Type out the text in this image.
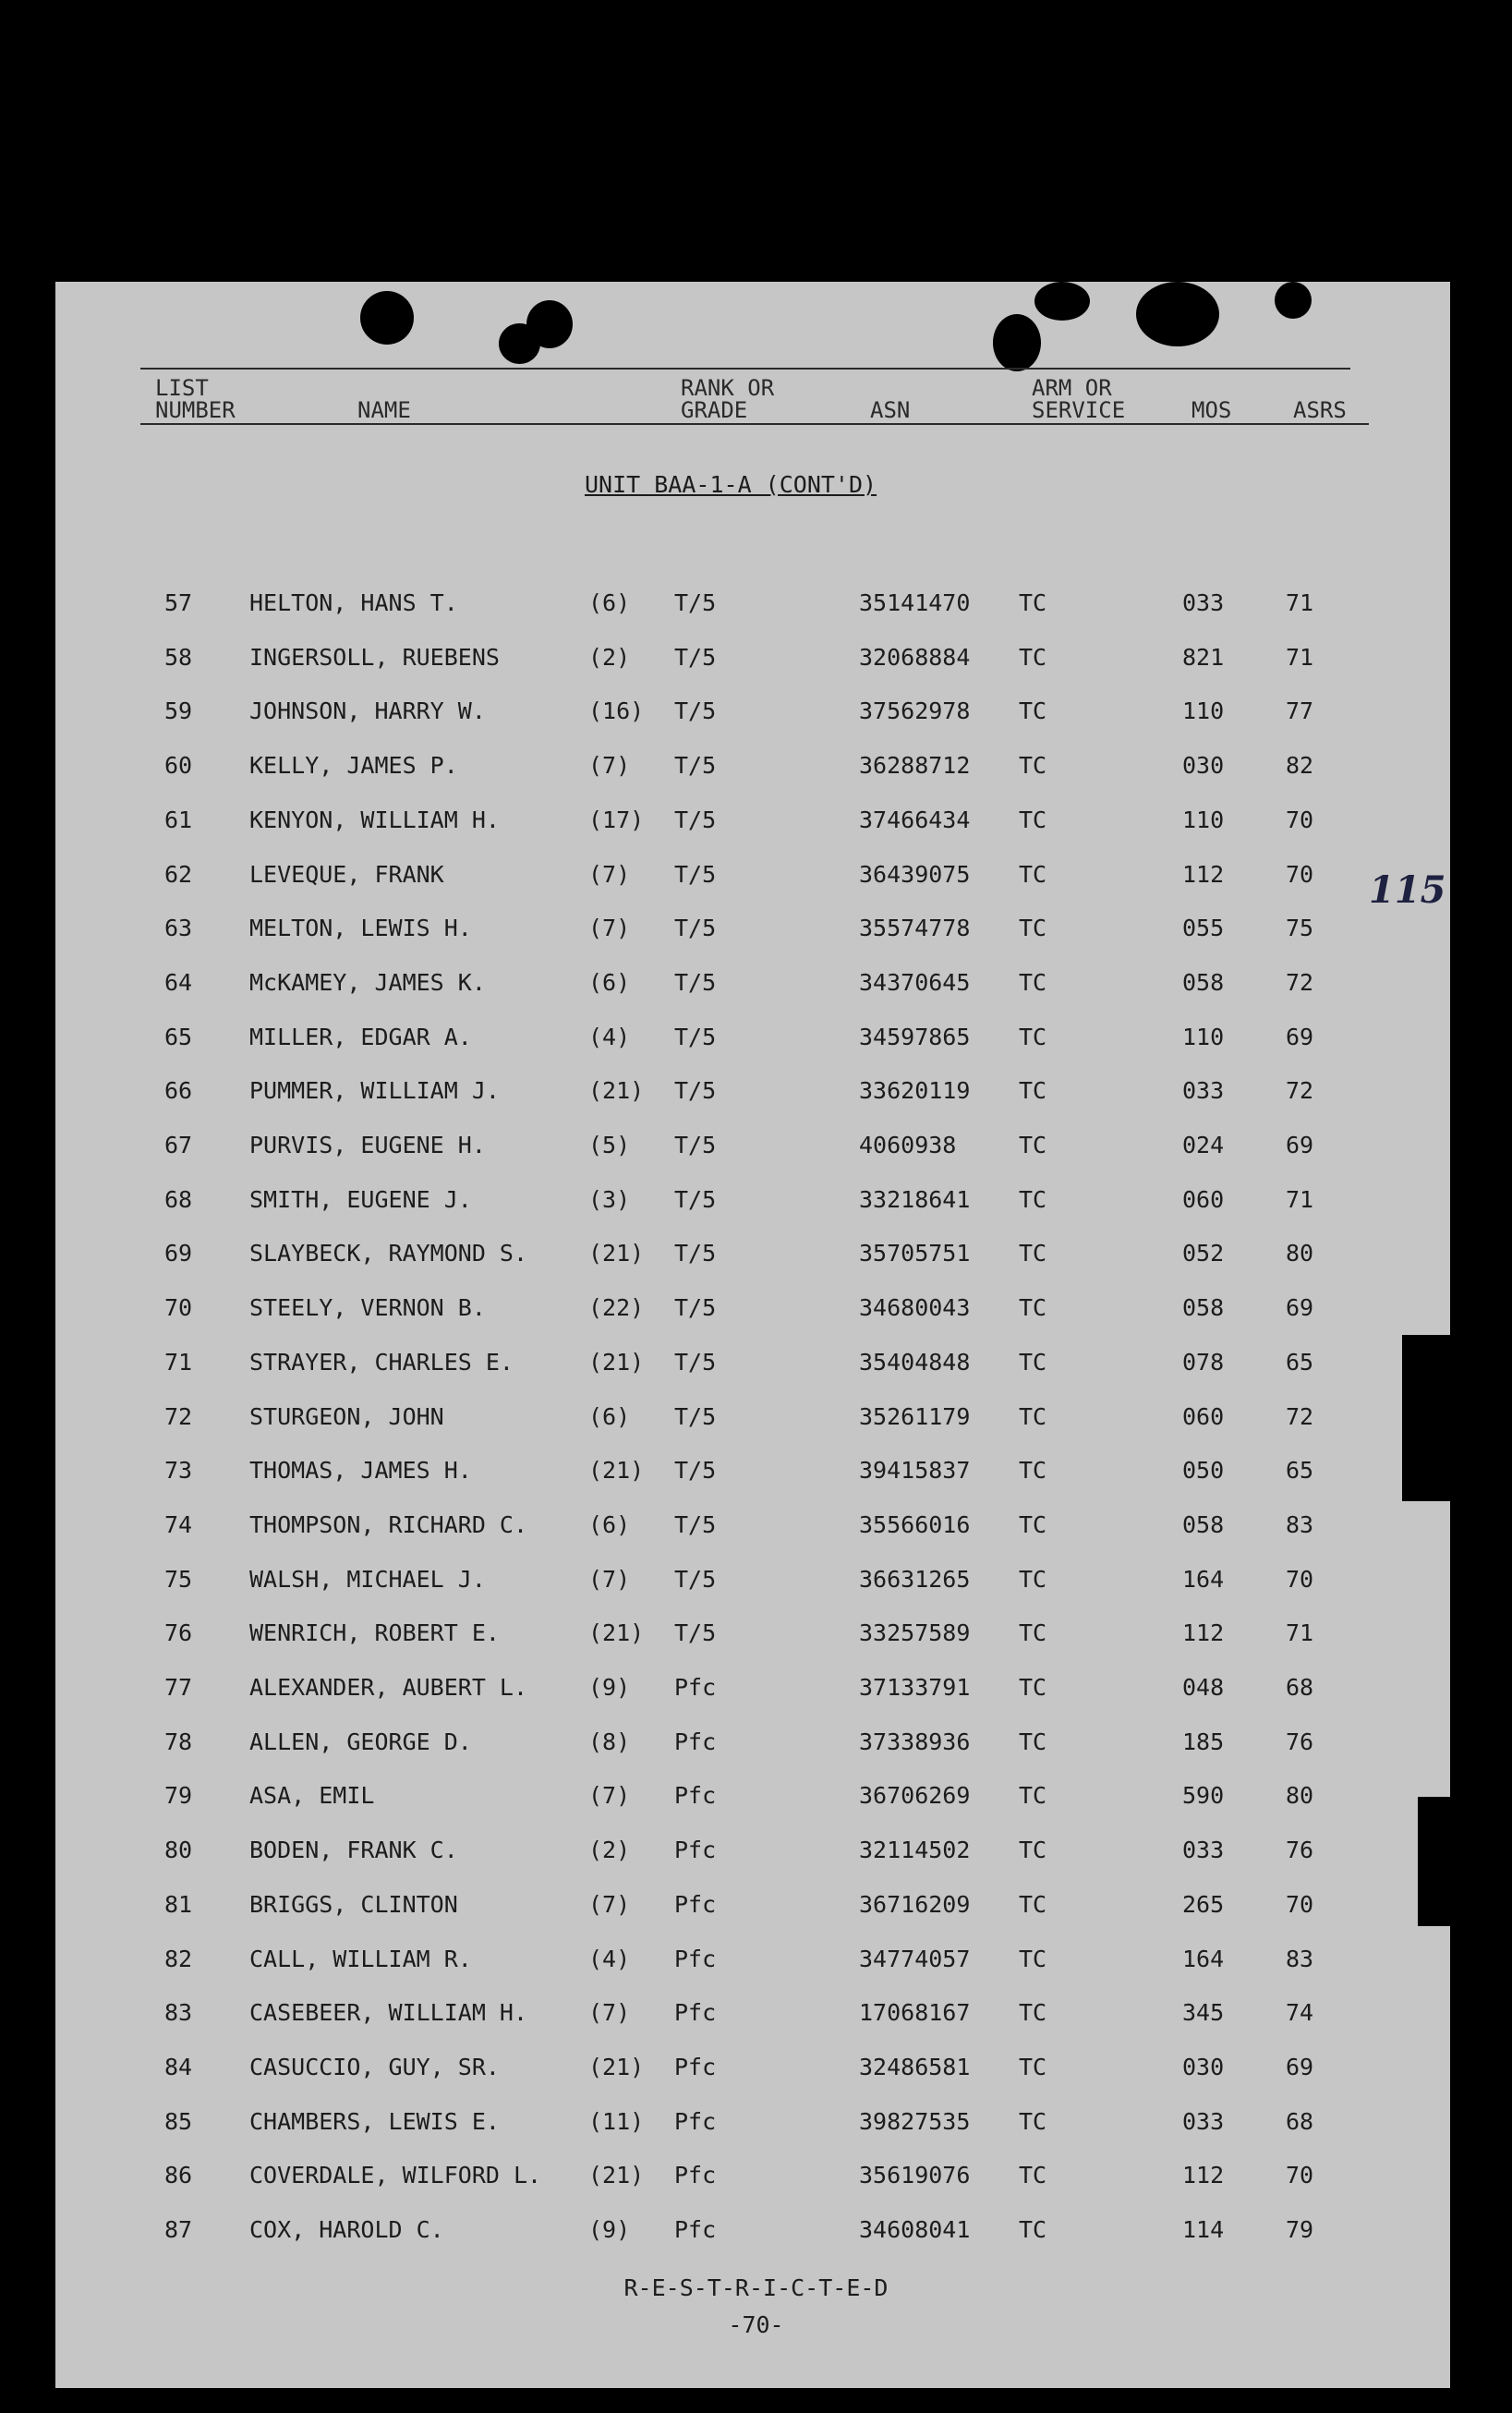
LIST
NUMBER	NAME
RANK OR
GRADE	ASN
ARM OR
SERVICE	MOS	ASRS
UNIT BAA-1-A (CONT'D)
115
57 HELTON, HANS T.	(6) T/5	35141470 TC	033	71
58 INGERSOLL, RUEBENS	(2) T/5	32068884 TC	821	71
59 JOHNSON, HARRY W.	(16) T/5	37562978 TC	110	77
60 KELLY, JAMES P.	(7) T/5	36288712 TC	030	82
61 KENYON, WILLIAM H.	(17) T/5	37466434 TC	110	70
62 LEVEQUE, FRANK	(7) T/5	36439075 TC	112	70
63 MELTON, LEWIS H.	(7) T/5	35574778 TC	055	75
64 McKAMEY, JAMES K.	(6) T/5	34370645 TC	058	72
65 MILLER, EDGAR A.	(4) T/5	34597865 TC	110	69
66 PUMMER, WILLIAM J.	(21) T/5	33620119 TC	033	72
67 PURVIS, EUGENE H.	(5) T/5	4060938	TC	024	69
68 SMITH, EUGENE J.	(3) T/5	33218641 TC	060	71
69 SLAYBECK, RAYMOND S.	(21) T/5	35705751 TC	052	80
70 STEELY, VERNON B.	(22) T/5	34680043 TC	058	69
71 STRAYER, CHARLES E.	(21) T/5	35404848 TC	078	65
72 STURGEON, JOHN	(6) T/5	35261179 TC	060	72
73 THOMAS, JAMES H.	(21) T/5	39415837 TC	050	65
74 THOMPSON, RICHARD C.	(6) T/5	35566016 TC	058	83
75 WALSH, MICHAEL J.	(7) T/5	36631265 TC	164	70
76 WENRICH, ROBERT E.	(21) T/5	33257589 TC	112	71
77 ALEXANDER, AUBERT L.	(9) Pfc	37133791 TC	048	68
78 ALLEN, GEORGE D.	(8) Pfc	37338936 TC	185	76
79 ASA, EMIL	(7) Pfc	36706269 TC	590	80
80 BODEN, FRANK C.	(2) Pfc	32114502 TC	033	76
81 BRIGGS, CLINTON	(7) Pfc	36716209 TC	265	70
82 CALL, WILLIAM R.	(4) Pfc	34774057 TC	164	83
83 CASEBEER, WILLIAM H.	(7) Pfc	17068167 TC	345	74
84 CASUCCIO, GUY, SR.	(21) Pfc	32486581 TC	030	69
85 CHAMBERS, LEWIS E.	(11) Pfc	39827535 TC	033	68
86 COVERDALE, WILFORD L. (21) Pfc	35619076 TC	112	70
87 COX, HAROLD C.	(9) Pfc	34608041 TC	114	79
R-E-S-T-R-I-C-T-E-D
-70-
